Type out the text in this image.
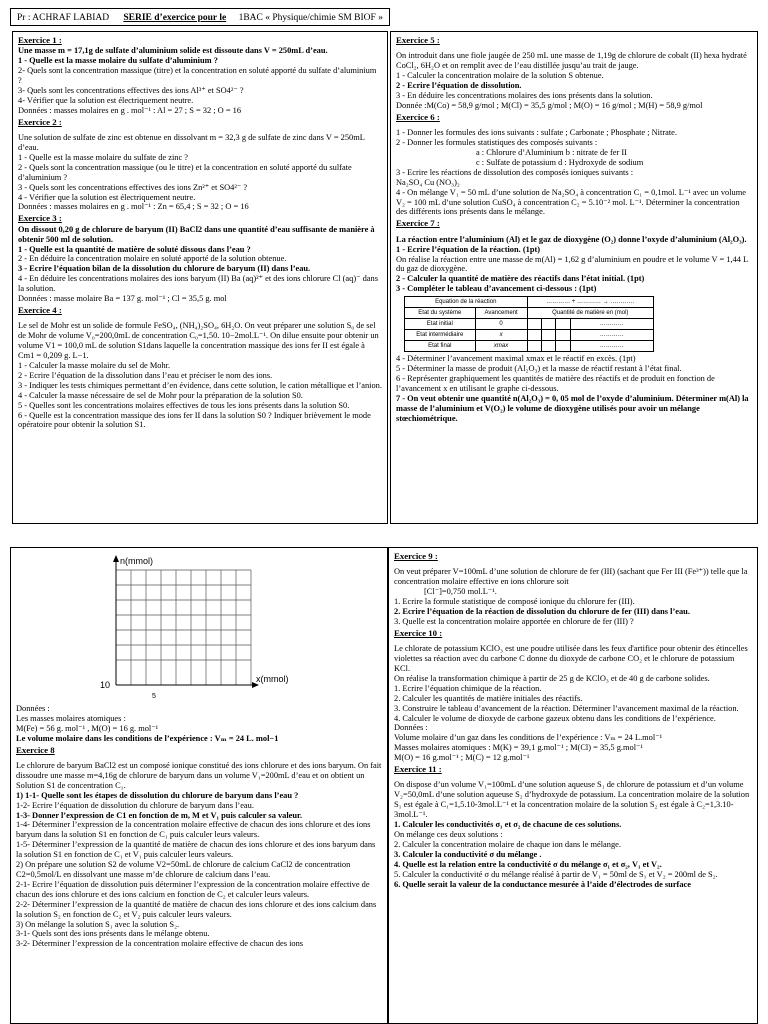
Pr : ACHRAF LABIAD SERIE d’exercice pour le 1BAC « Physique/chimie SM BIOF »
Exercice 1 :
Une masse m = 17,1g de sulfate d’aluminium solide est dissoute dans V = 250mL d’eau.
1 - Quelle est la masse molaire du sulfate d’aluminium ?
2- Quels sont la concentration massique (titre) et la concentration en soluté apporté du sulfate d’aluminium ?
3- Quels sont les concentrations effectives des ions Al³⁺ et SO4²⁻ ?
4- Vérifier que la solution est électriquement neutre.
Données : masses molaires en g . mol⁻¹ : Al = 27 ; S = 32 ; O = 16
Exercice 2 :
Une solution de sulfate de zinc est obtenue en dissolvant m = 32,3 g de sulfate de zinc dans V = 250mL d’eau.
1 - Quelle est la masse molaire du sulfate de zinc ?
2 - Quels sont la concentration massique (ou le titre) et la concentration en soluté apporté du sulfate d’aluminium ?
3 - Quels sont les concentrations effectives des ions Zn²⁺ et SO4²⁻ ?
4 - Vérifier que la solution est électriquement neutre.
Données : masses molaires en g . mol⁻¹ : Zn = 65,4 ; S = 32 ; O = 16
Exercice 3 :
On dissout 0,20 g de chlorure de baryum (II) BaCl2 dans une quantité d’eau suffisante de manière à obtenir 500 ml de solution.
1 - Quelle est la quantité de matière de soluté dissous dans l’eau ?
2 - En déduire la concentration molaire en soluté apporté de la solution obtenue.
3 - Ecrire l’équation bilan de la dissolution du chlorure de baryum (II) dans l’eau.
4 - En déduire les concentrations molaires des ions baryum (II) Ba (aq)²⁺ et des ions chlorure Cl (aq)⁻ dans la solution.
Données : masse molaire Ba = 137 g. mol⁻¹ ; Cl = 35,5 g. mol
Exercice 4 :
Le sel de Mohr est un solide de formule FeSO₄, (NH₄)₂SO₄, 6H₂O. On veut préparer une solution S₀ de sel de Mohr de volume V₀=200,0mL de concentration C₀=1,50. 10−2mol.L⁻¹. On dilue ensuite pour obtenir un volume V1 = 100,0 mL de solution S1dans laquelle la concentration massique des ions fer II est égale à Cm1 = 0,209 g. L−1.
1 - Calculer la masse molaire du sel de Mohr.
2 - Ecrire l’équation de la dissolution dans l’eau et préciser le nom des ions.
3 - Indiquer les tests chimiques permettant d’en évidence, dans cette solution, le cation métallique et l’anion.
4 - Calculer la masse nécessaire de sel de Mohr pour la préparation de la solution S0.
5 - Quelles sont les concentrations molaires effectives de tous les ions présents dans la solution S0.
6 - Quelle est la concentration massique des ions fer II dans la solution S0 ? Indiquer brièvement le mode opératoire pour obtenir la solution S1.
Exercice 5 :
On introduit dans une fiole jaugée de 250 mL une masse de 1,19g de chlorure de cobalt (II) hexa hydraté CoCl₂, 6H₂O et on remplit avec de l’eau distillée jusqu’au trait de jauge.
1 - Calculer la concentration molaire de la solution S obtenue.
2 - Ecrire l’équation de dissolution.
3 - En déduire les concentrations molaires des ions présents dans la solution.
Donnée :M(Co) = 58,9 g/mol ; M(Cl) = 35,5 g/mol ; M(O) = 16 g/mol ; M(H) = 58,9 g/mol
Exercice 6 :
1 - Donner les formules des ions suivants : sulfate ; Carbonate ; Phosphate ; Nitrate.
2 - Donner les formules statistiques des composés suivants :
a : Chlorure d’Aluminium b : nitrate de fer II
c : Sulfate de potassium d : Hydroxyde de sodium
3 - Ecrire les réactions de dissolution des composés ioniques suivants :
Na₂SO₄ Cu (NO₃)₂
4 - On mélange V₁ = 50 mL d’une solution de Na₂SO₄ à concentration C₁ = 0,1mol. L⁻¹ avec un volume V₂ = 100 mL d’une solution CuSO₄ à concentration C₂ = 5.10⁻² mol. L⁻¹. Déterminer la concentration des différents ions présents dans le mélange.
Exercice 7 :
La réaction entre l’aluminium (Al) et le gaz de dioxygène (O₂) donne l’oxyde d’aluminium (Al₂O₃).
1 - Ecrire l’équation de la réaction. (1pt)
On réalise la réaction entre une masse de m(Al) = 1,62 g d’aluminium en poudre et le volume V = 1,44 L du gaz de dioxygène.
2 - Calculer la quantité de matière des réactifs dans l’état initial. (1pt)
3 - Compléter le tableau d’avancement ci-dessous : (1pt)
Equation de la réaction		………… + ………… → …………			
Etat du système	Avancement	Quantité de matière en (mol)			
Etat initial	0				…………
Etat intermédiaire	x				…………
Etat final	xmax				…………
4 - Déterminer l’avancement maximal xmax et le réactif en excès. (1pt)
5 - Déterminer la masse de produit (Al₂O₃) et la masse de réactif restant à l’état final.
6 - Représenter graphiquement les quantités de matière des réactifs et de produit en fonction de l’avancement x en utilisant le graphe ci-dessous.
7 - On veut obtenir une quantité n(Al₂O₃) = 0, 05 mol de l’oxyde d’aluminium. Déterminer m(Al) la masse de l’aluminium et V(O₂) le volume de dioxygène utilisés pour avoir un mélange stœchiométrique.
n(mmol)
x(mmol)
10
5
Données :
Les masses molaires atomiques :
M(Fe) = 56 g. mol⁻¹ , M(O) = 16 g. mol⁻¹
Le volume molaire dans les conditions de l’expérience : Vₘ = 24 L. mol−1
Exercice 8
Le chlorure de baryum BaCl2 est un composé ionique constitué des ions chlorure et des ions baryum. On fait dissoudre une masse m=4,16g de chlorure de baryum dans un volume V₁=200mL d’eau et on obtient un Solution S1 de concentration C₁.
1) 1-1- Quelle sont les étapes de dissolution du chlorure de baryum dans l’eau ?
1-2- Ecrire l’équation de dissolution du chlorure de baryum dans l’eau.
1-3- Donner l’expression de C1 en fonction de m, M et V₁ puis calculer sa valeur.
1-4- Déterminer l’expression de la concentration molaire effective de chacun des ions chlorure et des ions baryum dans la solution S1 en fonction de C₁ puis calculer leurs valeurs.
1-5- Déterminer l’expression de la quantité de matière de chacun des ions chlorure et des ions baryum dans la solution S1 en fonction de C₁ et V₁ puis calculer leurs valeurs.
2) On prépare une solution S2 de volume V2=50mL de chlorure de calcium CaCl2 de concentration C2=0,5mol/L en dissolvant une masse m’de chlorure de calcium dans l’eau.
2-1- Ecrire l’équation de dissolution puis déterminer l’expression de la concentration molaire effective de chacun des ions chlorure et des ions calcium en fonction de C₂ et calculer leurs valeurs.
2-2- Déterminer l’expression de la quantité de matière de chacun des ions chlorure et des ions calcium dans la solution S₂ en fonction de C₂ et V₂ puis calculer leurs valeurs.
3) On mélange la solution S₁ avec la solution S₂.
3-1- Quels sont des ions présents dans le mélange obtenu.
3-2- Déterminer l’expression de la concentration molaire effective de chacun des ions
Exercice 9 :
On veut préparer V=100mL d’une solution de chlorure de fer (III) (sachant que Fer III (Fe³⁺)) telle que la concentration molaire effective en ions chlorure soit
[Cl⁻]=0,750 mol.L⁻¹.
1. Ecrire la formule statistique de composé ionique du chlorure fer (III).
2. Ecrire l’équation de la réaction de dissolution du chlorure de fer (III) dans l’eau.
3. Quelle est la concentration molaire apportée en chlorure de fer (III) ?
Exercice 10 :
Le chlorate de potassium KClO₃ est une poudre utilisée dans les feux d'artifice pour obtenir des étincelles violettes sa réaction avec du carbone C donne du dioxyde de carbone CO₂ et le chlorure de potassium KCl.
On réalise la transformation chimique à partir de 25 g de KClO₃ et de 40 g de carbone solides.
1. Ecrire l’équation chimique de la réaction.
2. Calculer les quantités de matière initiales des réactifs.
3. Construire le tableau d’avancement de la réaction. Déterminer l’avancement maximal de la réaction.
4. Calculer le volume de dioxyde de carbone gazeux obtenu dans les conditions de l’expérience.
Données :
Volume molaire d’un gaz dans les conditions de l’expérience : Vₘ = 24 L.mol⁻¹
Masses molaires atomiques : M(K) = 39,1 g.mol⁻¹ ; M(Cl) = 35,5 g.mol⁻¹
M(O) = 16 g.mol⁻¹ ; M(C) = 12 g.mol⁻¹
Exercice 11 :
On dispose d’un volume V₁=100mL d’une solution aqueuse S₁ de chlorure de potassium et d’un volume V₂=50,0mL d’une solution aqueuse S₂ d’hydroxyde de potassium. La concentration molaire de la solution S₁ est égale à C₁=1,5.10-3mol.L⁻¹ et la concentration molaire de la solution S₂ est égale à C₂=1,3.10-3mol.L⁻¹.
1. Calculer les conductivités σ₁ et σ₂ de chacune de ces solutions.
On mélange ces deux solutions :
2. Calculer la concentration molaire de chaque ion dans le mélange.
3. Calculer la conductivité σ du mélange .
4. Quelle est la relation entre la conductivité σ du mélange σ₁ et σ₂, V₁ et V₂.
5. Calculer la conductivité σ du mélange réalisé à partir de V₁ = 50ml de S₁ et V₂ = 200ml de S₂.
6. Quelle serait la valeur de la conductance mesurée à l’aide d’électrodes de surface
